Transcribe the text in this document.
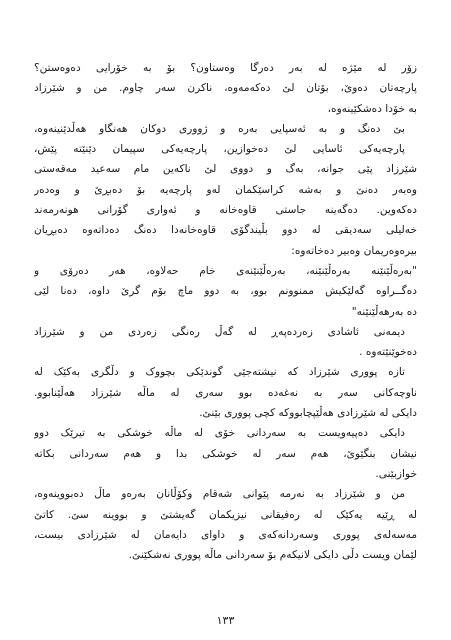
زۆر لە مێژە لە بەر دەرگا وەستاون؟ بۆ بە خۆرایی دەوەستن؟
پارچەتان دەوێ، بۆتان لێ دەکەمەوە، ناکرن سەر چاوم. من و شێرزاد
بە خۆدا دەشکێینەوە،
بێ دەنگ و بە ئەسپایی بەرە و ژووری دوکان هەنگاو هەڵدێنینەوە،
پارچەیەکی ئاسایی لێ دەخوازین، پارچەیەکی سپیمان دێنێتە پێش،
شێرزاد پێی جوانە، بەگ و دووی لێ ناکەین مام سەعید مەقەستی
وەبەر دەنێ و بەشە کراسێکمان لەو پارچەیە بۆ دەبڕێ و وەدەر
دەکەوین. دەگەینە جاستی قاوەخانە و ئەواری گۆرانی هونەرمەند
خەلیلی سەدیقی لە دوو بڵیندگۆی قاوەخانەدا دەنگ دەداتەوە دەبڕیان
بیرەوەریمان وەبیر دەخاتەوە:
"بەرەڵێنێنە بەرەڵێنێنە، بەرەڵێنێنەی خام حەلاوە، هەر دەرۆی و
دەگــراوە گەلێکیش ممنوونم بوو، بە دوو ماچ بۆم گرێ داوە، دەنا لێی
دە بەرهەڵێنێنە"
دیمەنی ئاشادی زەردەپەڕ لە گەڵ رەنگی زەردی من و شێرزاد
دەخوێنێتەوە .
تازە پووری شێرزاد کە نیشتەجێی گوندێکی بچووک و دڵگری بەکێک لە
ناوچەکانی سەر بە نەغەدە بوو سەری لە ماڵە شێرزاد هەڵێنابوو.
دایکی لە شێرزادی هەڵێپچابووکە کچی پووری بێنێ.
دایکی دەپیەویست بە سەردانی خۆی لە ماڵە خوشکی بە تیرێک دوو
نیشان بنگێوێ، هەم سەر لە خوشکی بدا و هەم سەردانی بکاتە
خوازبێنی.
من و شێرزاد بە نەرمە پێوانی شەقام وکۆڵانان بەرەو ماڵ دەبووینەوە،
لە ڕێیە یەکێک لە رەفیقانی نیزیکمان گەیشتێ و بووینە سێ. کاتێ
مەسەلەی پووری وسەردانەکەی و داوای دایەمان لە شێرزادی بیست،
لێمان ویست دڵی دایکی لانیکەم بۆ سەردانی ماڵە پووری نەشکێنێ.
١٣٣
